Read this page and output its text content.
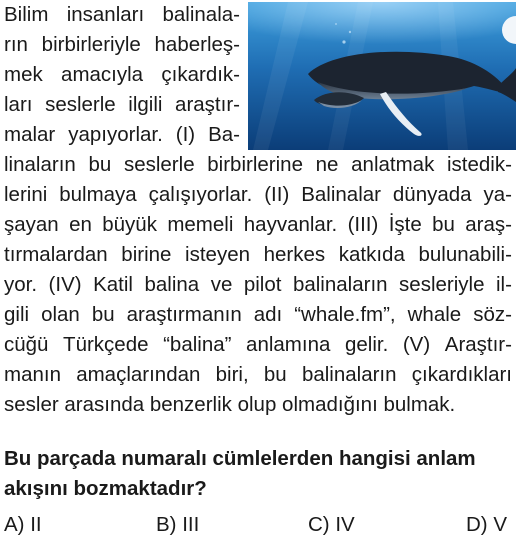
Bilim insanları balinala-
rın birbirleriyle haberleş-
mek amacıyla çıkardık-
ları seslerle ilgili araştır-
malar yapıyorlar. (I) Ba-
linaların bu seslerle birbirlerine ne anlatmak istedik-
lerini bulmaya çalışıyorlar. (II) Balinalar dünyada ya-
şayan en büyük memeli hayvanlar. (III) İşte bu araş-
tırmalardan birine isteyen herkes katkıda bulunabili-
yor. (IV) Katil balina ve pilot balinaların sesleriyle il-
gili olan bu araştırmanın adı “whale.fm”, whale söz-
cüğü Türkçede “balina” anlamına gelir. (V) Araştır-
manın amaçlarından biri, bu balinaların çıkardıkları
sesler arasında benzerlik olup olmadığını bulmak.
Bu parçada numaralı cümlelerden hangisi anlam
akışını bozmaktadır?
A) II	B) III	C) IV	D) V
